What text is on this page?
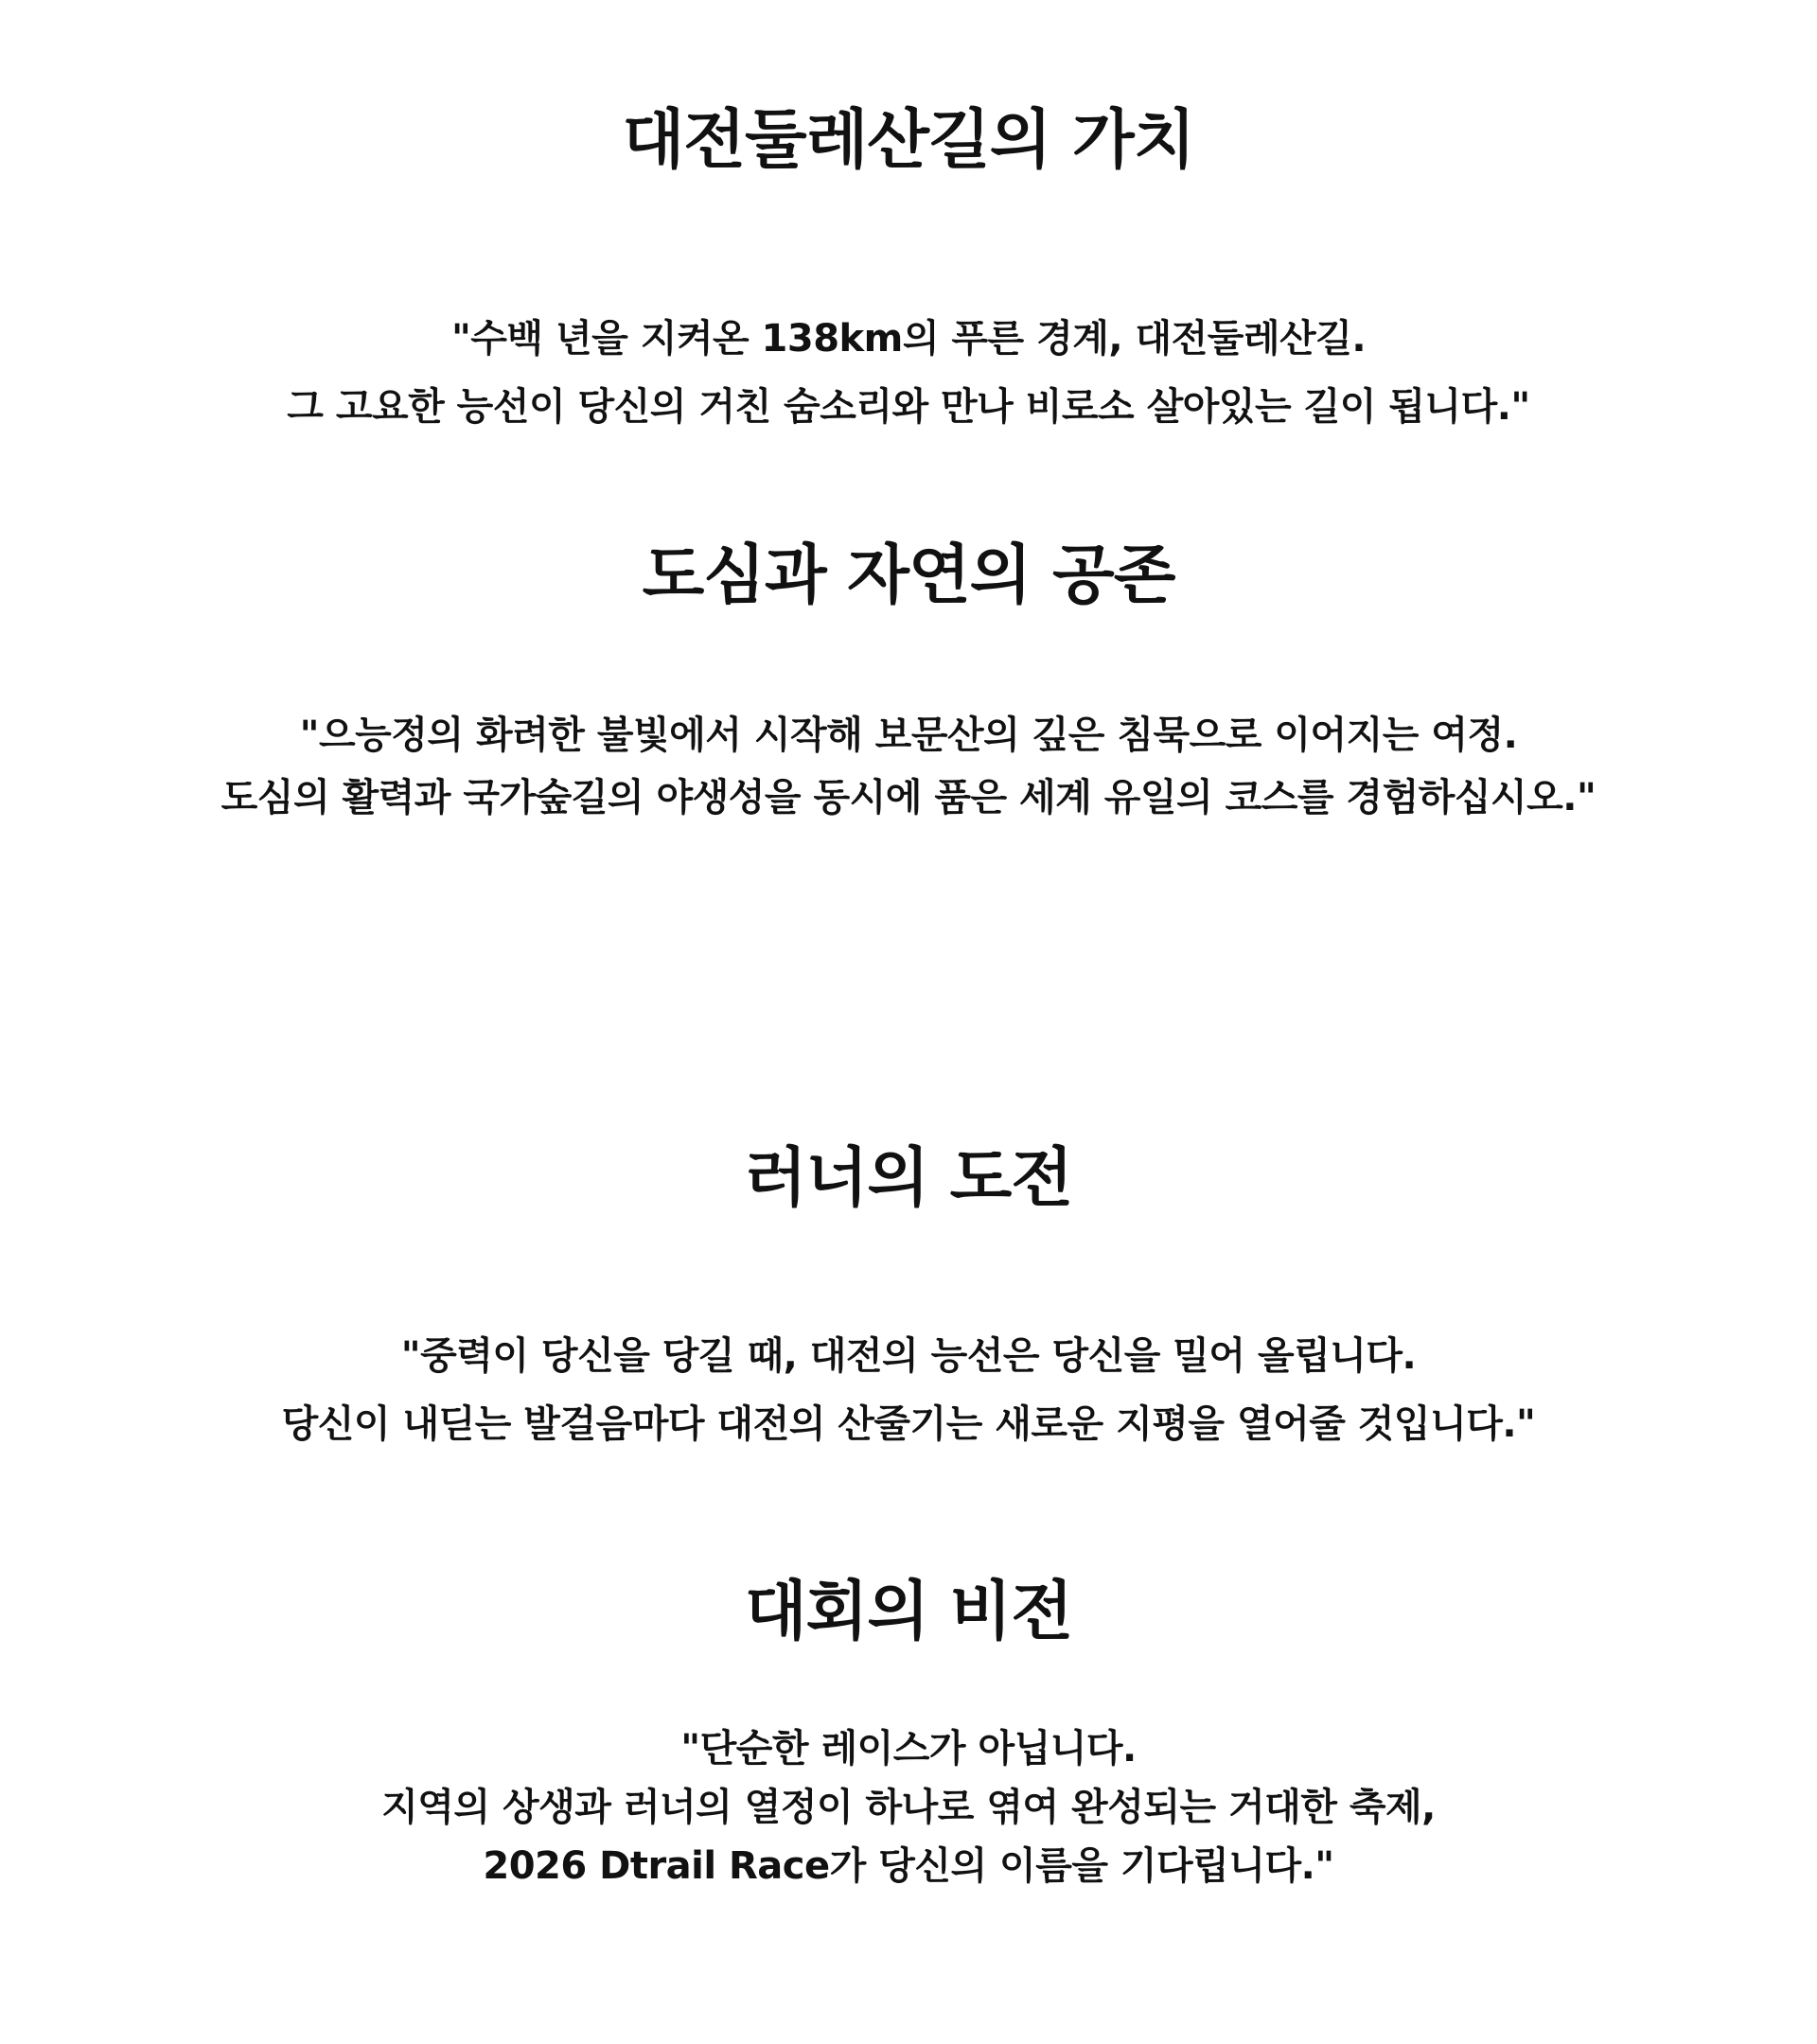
대전둘레산길의 가치
"수백 년을 지켜온 138km의 푸른 경계, 대전둘레산길.
그 고요한 능선이 당신의 거친 숨소리와 만나 비로소 살아있는 길이 됩니다."
도심과 자연의 공존
"으능정의 화려한 불빛에서 시작해 보문산의 깊은 침묵으로 이어지는 여정.
도심의 활력과 국가숲길의 야생성을 동시에 품은 세계 유일의 코스를 경험하십시오."
러너의 도전
"중력이 당신을 당길 때, 대전의 능선은 당신을 밀어 올립니다.
당신이 내딛는 발걸음마다 대전의 산줄기는 새로운 지평을 열어줄 것입니다."
대회의 비전
"단순한 레이스가 아닙니다.
지역의 상생과 러너의 열정이 하나로 엮여 완성되는 거대한 축제,
2026 Dtrail Race가 당신의 이름을 기다립니다."
